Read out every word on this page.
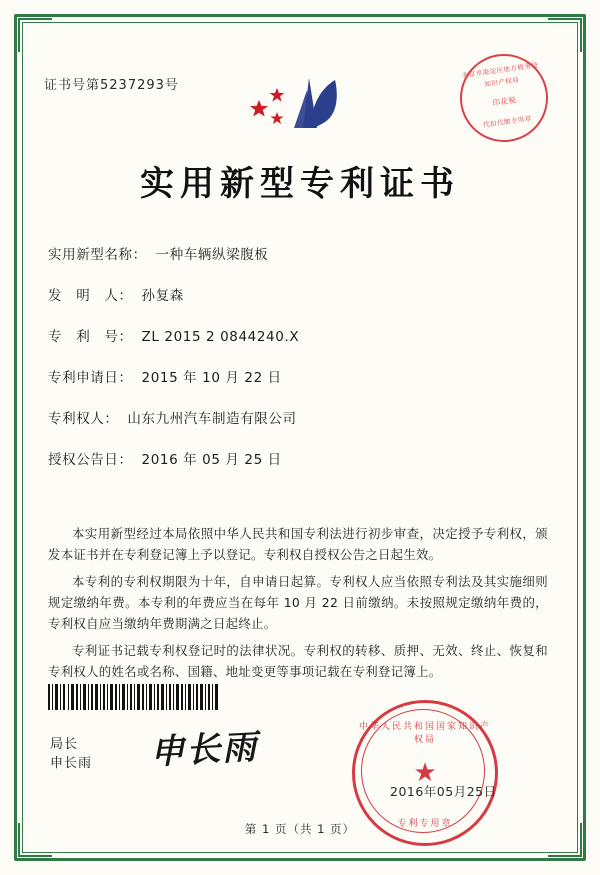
证书号第5237293号
北京市海淀区地方税务局
知识产权局
印花税
代扣代缴专用章
实用新型专利证书
实用新型名称： 一种车辆纵梁腹板
发　明　人： 孙复森
专　利　号： ZL 2015 2 0844240.X
专利申请日： 2015 年 10 月 22 日
专利权人： 山东九州汽车制造有限公司
授权公告日： 2016 年 05 月 25 日

本实用新型经过本局依照中华人民共和国专利法进行初步审查，决定授予专利权，颁发本证书并在专利登记簿上予以登记。专利权自授权公告之日起生效。

本专利的专利权期限为十年，自申请日起算。专利权人应当依照专利法及其实施细则规定缴纳年费。本专利的年费应当在每年 10 月 22 日前缴纳。未按照规定缴纳年费的，专利权自应当缴纳年费期满之日起终止。

专利证书记载专利权登记时的法律状况。专利权的转移、质押、无效、终止、恢复和专利权人的姓名或名称、国籍、地址变更等事项记载在专利登记簿上。

局长
申长雨 申长雨
中华人民共和国国家知识产权局
★
专利专用章
2016年05月25日
第 1 页（共 1 页）
